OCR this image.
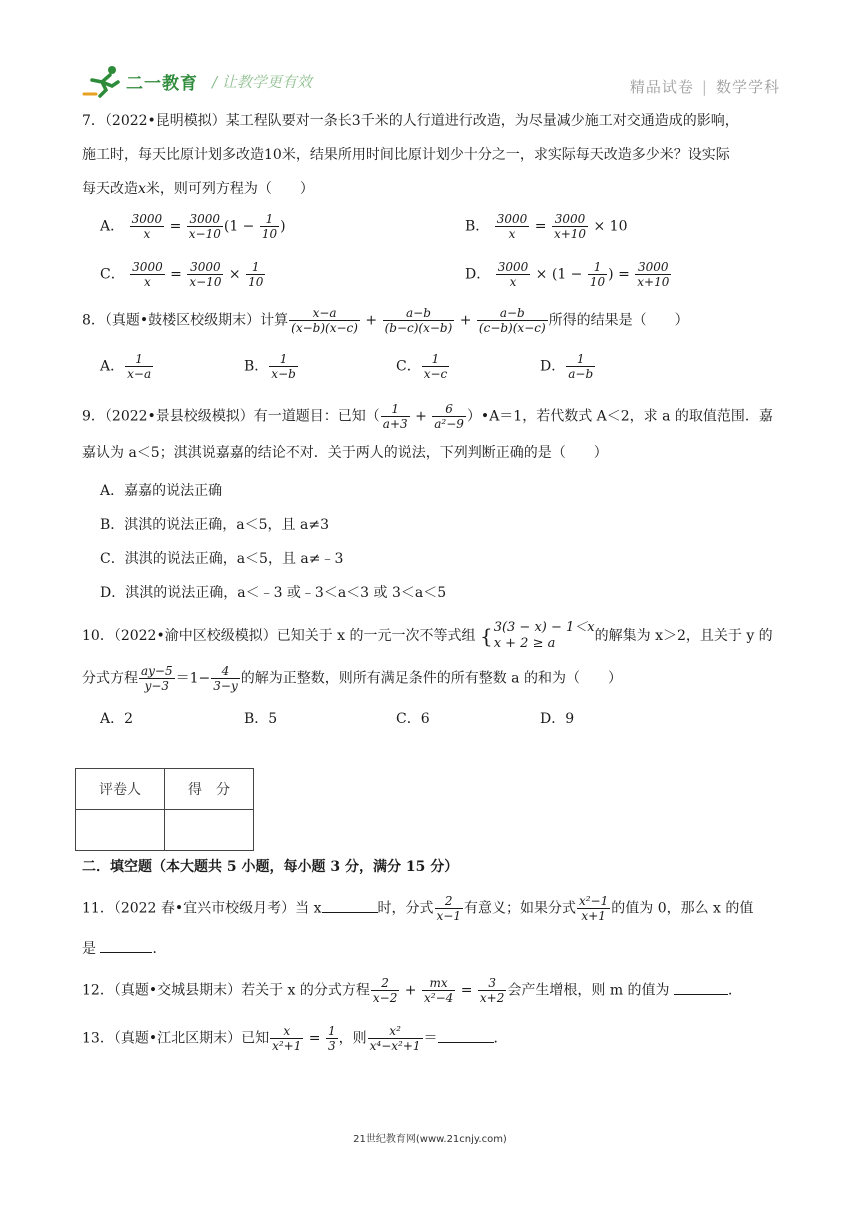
二一教育 / 让教学更有效	精品试卷 | 数学学科
7．（2022•昆明模拟）某工程队要对一条长3千米的人行道进行改造，为尽量减少施工对交通造成的影响，
施工时，每天比原计划多改造10米，结果所用时间比原计划少十分之一，求实际每天改造多少米？设实际
每天改造x米，则可列方程为（　　）
A． $\frac{3000}{x} = \frac{3000}{x-10} (1 - \frac{1}{10}$ )	B． $\frac{3000}{x} = \frac{3000}{x+10} \times 10$
C． $\frac{3000}{x} = \frac{3000}{x-10} \times \frac{1}{10}$	D． $\frac{3000}{x} \times (1 - \frac{1}{10}$ ) = $\frac{3000}{x+10}$
8．（真题•鼓楼区校级期末）计算 $\frac{x-a}{(x-b)(x-c)} + \frac{a-b}{(b-c)(x-b)} + \frac{a-b}{(c-b)(x-c)}$ 所得的结果是（　　）
A． $\frac{1}{x-a}$	B． $\frac{1}{x-b}$	C． $\frac{1}{x-c}$	D． $\frac{1}{a-b}$
9．（2022•景县校级模拟）有一道题目：已知（ $\frac{1}{a+3} + \frac{6}{\text{a²−9}}$ ）•A＝1，若代数式 A＜2，求 a 的取值范围．嘉
嘉认为 a＜5；淇淇说嘉嘉的结论不对．关于两人的说法，下列判断正确的是（　　）
A．嘉嘉的说法正确
B．淇淇的说法正确，a＜5，且 a≠3
C．淇淇的说法正确，a＜5，且 a≠﹣3
D．淇淇的说法正确，a＜﹣3 或﹣3＜a＜3 或 3＜a＜5
10．（2022•渝中区校级模拟）已知关于 x 的一元一次不等式组 { 3(3 − x) − 1＜x
x + 2 ≥ a	的解集为 x＞2，且关于 y 的
分式方程 $\frac{ay-5}{y-3} =1- \frac{4}{3-y}$ 的解为正整数，则所有满足条件的所有整数 a 的和为（　　）
A．2	B．5	C．6	D．9
评卷人	得　分

二．填空题（本大题共 5 小题，每小题 3 分，满分 15 分）
11．（2022 春•宜兴市校级月考）当 x	时，分式 $\frac{2}{x-1}$ 有意义；如果分式 $\frac{\text{x²−1}}{x+1}$ 的值为 0，那么 x 的值
是	．
12．（真题•交城县期末）若关于 x 的分式方程 $\frac{2}{x-2} + \frac{mx}{\text{x²−4}} = \frac{3}{x+2}$ 会产生增根，则 m 的值为	．
13．（真题•江北区期末）已知 $\frac{x}{\text{x²+1}} = \frac{1}{3}$ ，则 $\frac{\text{x²}}{\text{x⁴−x²+1}}$ ＝	．
21世纪教育网(www.21cnjy.com)
